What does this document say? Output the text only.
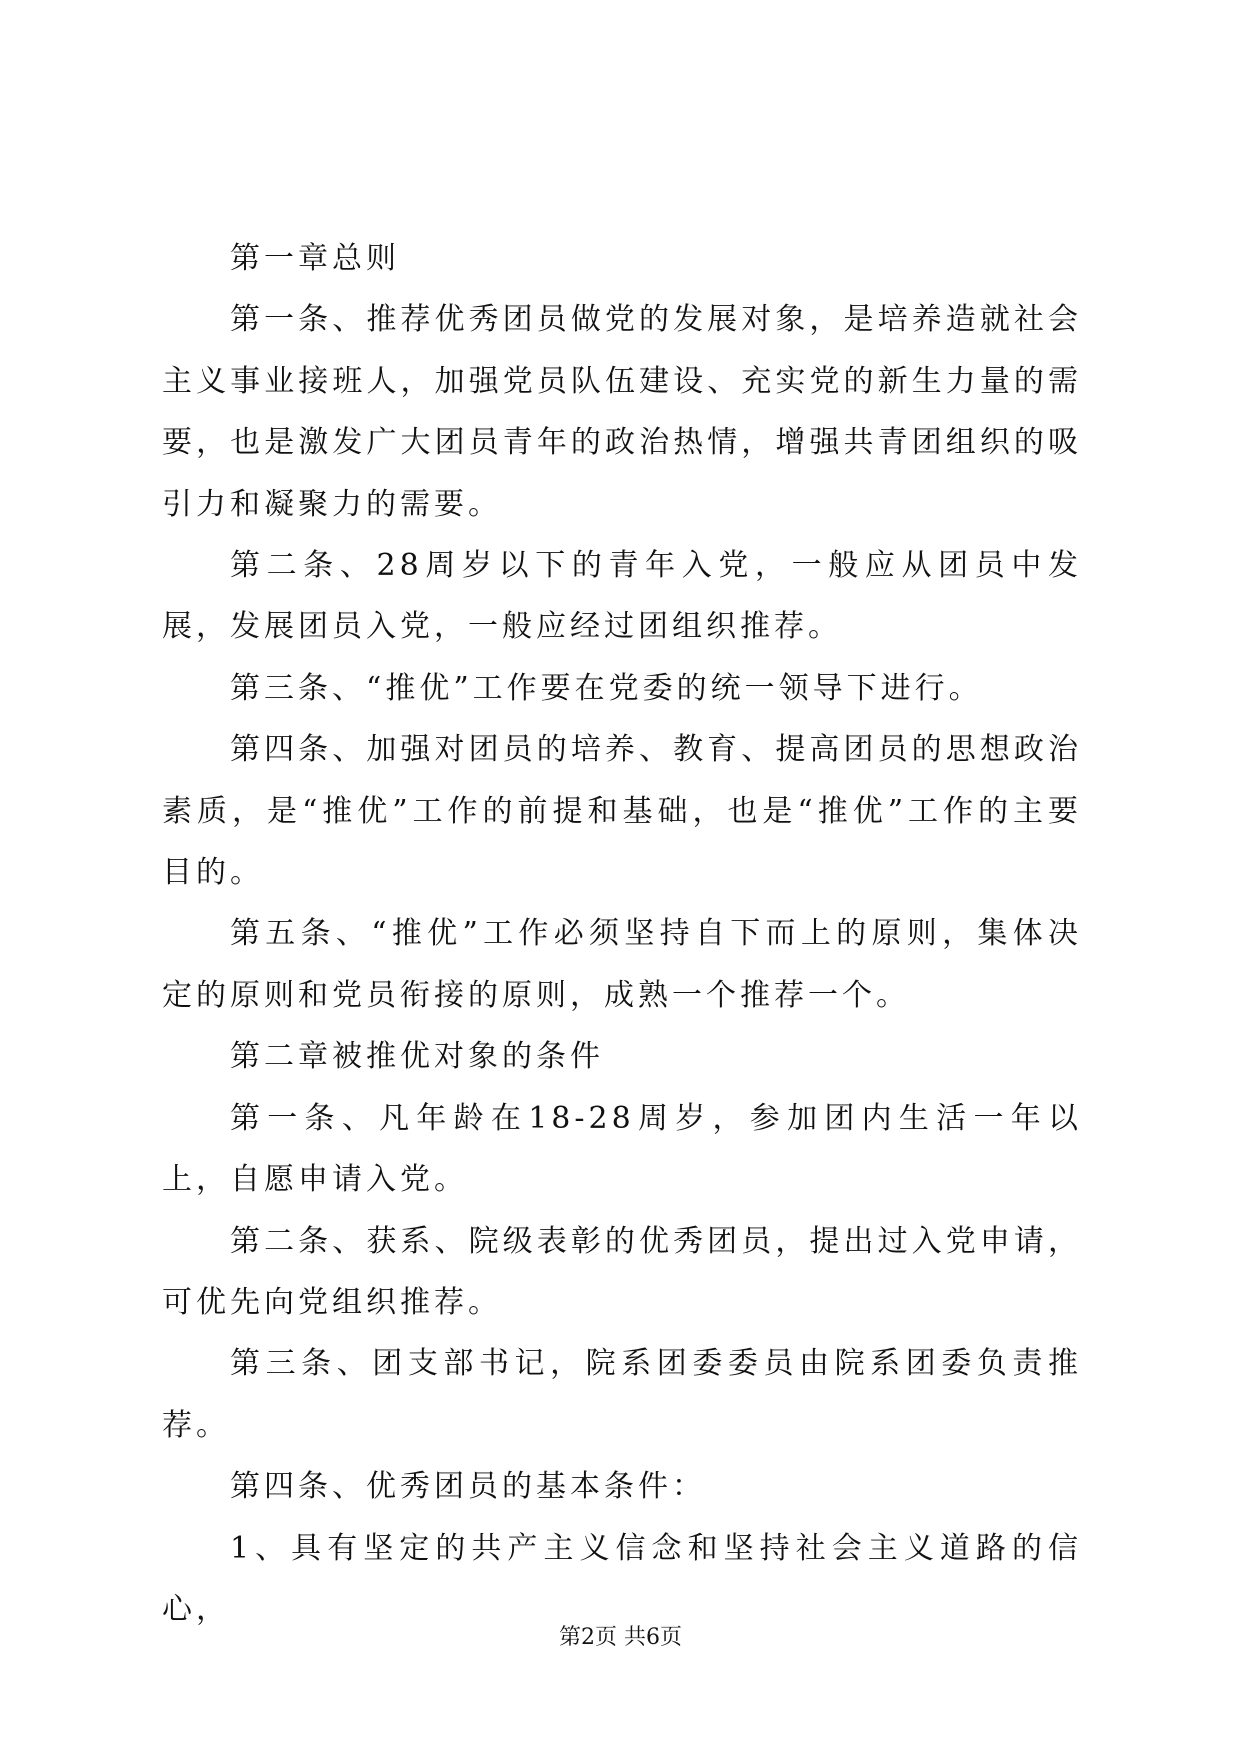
第一章总则

第一条、推荐优秀团员做党的发展对象，是培养造就社会主义事业接班人，加强党员队伍建设、充实党的新生力量的需要，也是激发广大团员青年的政治热情，增强共青团组织的吸引力和凝聚力的需要。

第二条、28周岁以下的青年入党，一般应从团员中发展，发展团员入党，一般应经过团组织推荐。

第三条、“推优”工作要在党委的统一领导下进行。

第四条、加强对团员的培养、教育、提高团员的思想政治素质，是“推优”工作的前提和基础，也是“推优”工作的主要目的。

第五条、“推优”工作必须坚持自下而上的原则，集体决定的原则和党员衔接的原则，成熟一个推荐一个。

第二章被推优对象的条件

第一条、凡年龄在18-28周岁，参加团内生活一年以上，自愿申请入党。

第二条、获系、院级表彰的优秀团员，提出过入党申请，可优先向党组织推荐。

第三条、团支部书记，院系团委委员由院系团委负责推荐。

第四条、优秀团员的基本条件：

1、具有坚定的共产主义信念和坚持社会主义道路的信心，

第2页 共6页
